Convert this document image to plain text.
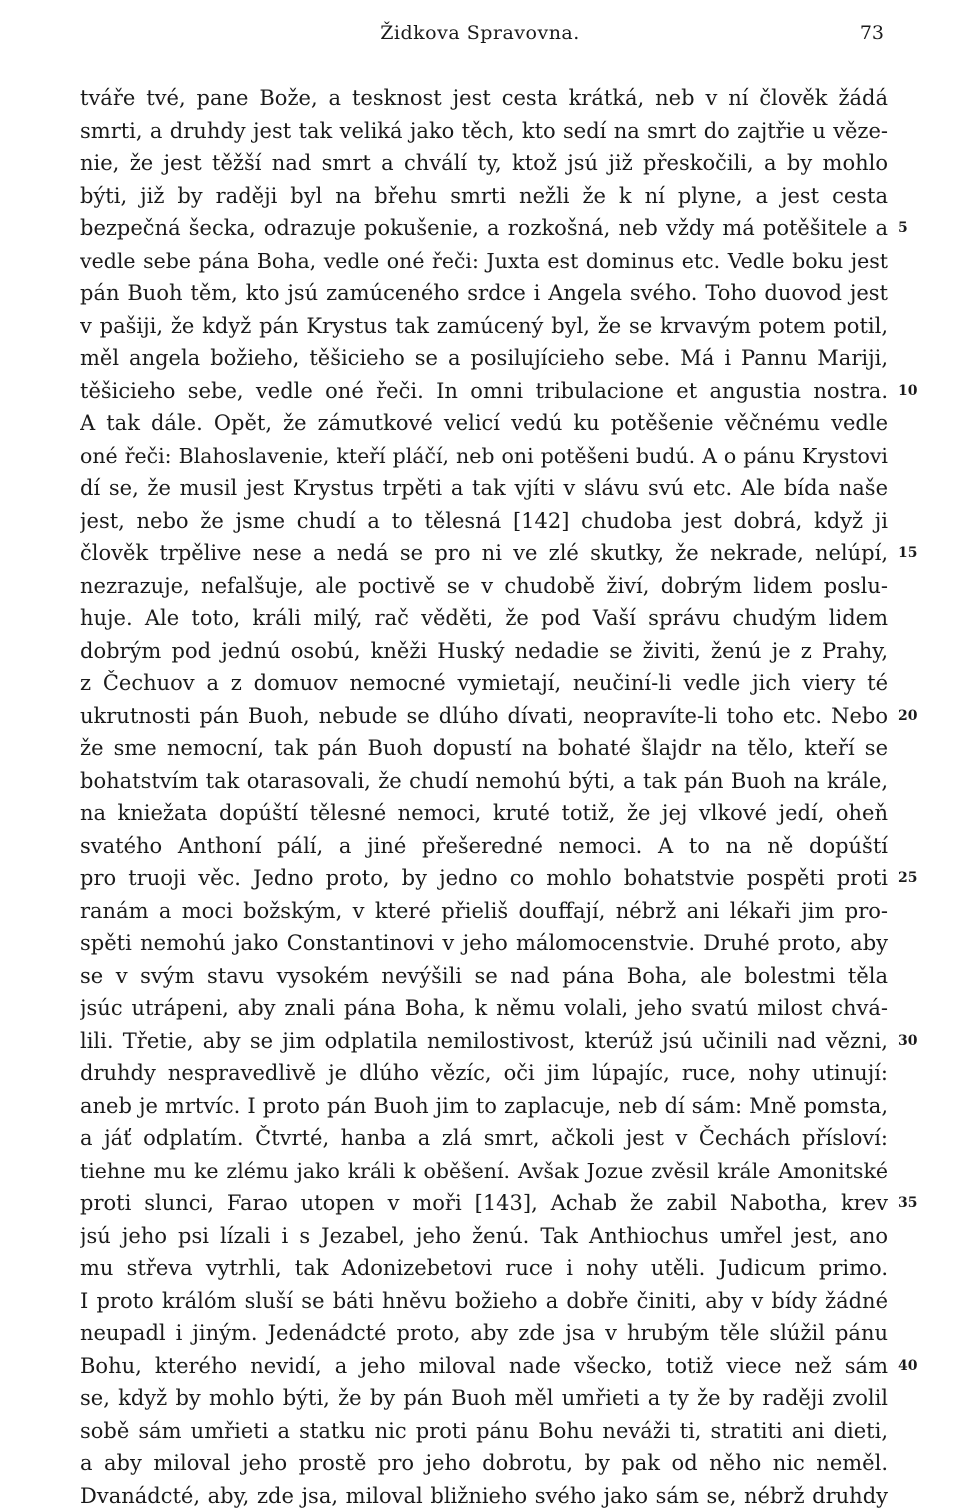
Židkova Spravovna.	73
tváře tvé, pane Bože, a tesknost jest cesta krátká, neb v ní člověk žádá
smrti, a druhdy jest tak veliká jako těch, kto sedí na smrt do zajtřie u věze-
nie, že jest těžší nad smrt a chválí ty, ktož jsú již přeskočili, a by mohlo
býti, již by raději byl na břehu smrti nežli že k ní plyne, a jest cesta
bezpečná šecka, odrazuje pokušenie, a rozkošná, neb vždy má potěšitele a 5
vedle sebe pána Boha, vedle oné řeči: Juxta est dominus etc. Vedle boku jest
pán Buoh těm, kto jsú zamúceného srdce i Angela svého. Toho duovod jest
v pašiji, že když pán Krystus tak zamúcený byl, že se krvavým potem potil,
měl angela božieho, těšicieho se a posilujícieho sebe. Má i Pannu Mariji,
těšicieho sebe, vedle oné řeči. In omni tribulacione et angustia nostra. 10
A tak dále. Opět, že zámutkové velicí vedú ku potěšenie věčnému vedle
oné řeči: Blahoslavenie, kteří pláčí, neb oni potěšeni budú. A o pánu Krystovi
dí se, že musil jest Krystus trpěti a tak vjíti v slávu svú etc. Ale bída naše
jest, nebo že jsme chudí a to tělesná [142] chudoba jest dobrá, když ji
člověk trpělive nese a nedá se pro ni ve zlé skutky, že nekrade, nelúpí, 15
nezrazuje, nefalšuje, ale poctivě se v chudobě živí, dobrým lidem poslu-
huje. Ale toto, králi milý, rač věděti, že pod Vaší správu chudým lidem
dobrým pod jednú osobú, kněži Huský nedadie se živiti, ženú je z Prahy,
z Čechuov a z domuov nemocné vymietají, neučiní-li vedle jich viery té
ukrutnosti pán Buoh, nebude se dlúho dívati, neopravíte-li toho etc. Nebo 20
že sme nemocní, tak pán Buoh dopustí na bohaté šlajdr na tělo, kteří se
bohatstvím tak otarasovali, že chudí nemohú býti, a tak pán Buoh na krále,
na kniežata dopúští tělesné nemoci, kruté totiž, že jej vlkové jedí, oheň
svatého Anthoní pálí, a jiné přešeredné nemoci. A to na ně dopúští
pro truoji věc. Jedno proto, by jedno co mohlo bohatstvie pospěti proti 25
ranám a moci božským, v které přieliš douffají, nébrž ani lékaři jim pro-
spěti nemohú jako Constantinovi v jeho málomocenstvie. Druhé proto, aby
se v svým stavu vysokém nevýšili se nad pána Boha, ale bolestmi těla
jsúc utrápeni, aby znali pána Boha, k němu volali, jeho svatú milost chvá-
lili. Třetie, aby se jim odplatila nemilostivost, kterúž jsú učinili nad vězni, 30
druhdy nespravedlivě je dlúho vězíc, oči jim lúpajíc, ruce, nohy utinují:
aneb je mrtvíc. I proto pán Buoh jim to zaplacuje, neb dí sám: Mně pomsta,
a jáť odplatím. Čtvrté, hanba a zlá smrt, ačkoli jest v Čechách přísloví:
tiehne mu ke zlému jako králi k oběšení. Avšak Jozue zvěsil krále Amonitské
proti slunci, Farao utopen v moři [143], Achab že zabil Nabotha, krev 35
jsú jeho psi lízali i s Jezabel, jeho ženú. Tak Anthiochus umřel jest, ano
mu střeva vytrhli, tak Adonizebetovi ruce i nohy utěli. Judicum primo.
I proto králóm sluší se báti hněvu božieho a dobře činiti, aby v bídy žádné
neupadl i jiným. Jedenádcté proto, aby zde jsa v hrubým těle slúžil pánu
Bohu, kterého nevidí, a jeho miloval nade všecko, totiž viece než sám 40
se, když by mohlo býti, že by pán Buoh měl umřieti a ty že by raději zvolil
sobě sám umřieti a statku nic proti pánu Bohu neváži ti, stratiti ani dieti,
a aby miloval jeho prostě pro jeho dobrotu, by pak od něho nic neměl.
Dvanádcté, aby, zde jsa, miloval bližnieho svého jako sám se, nébrž druhdy
